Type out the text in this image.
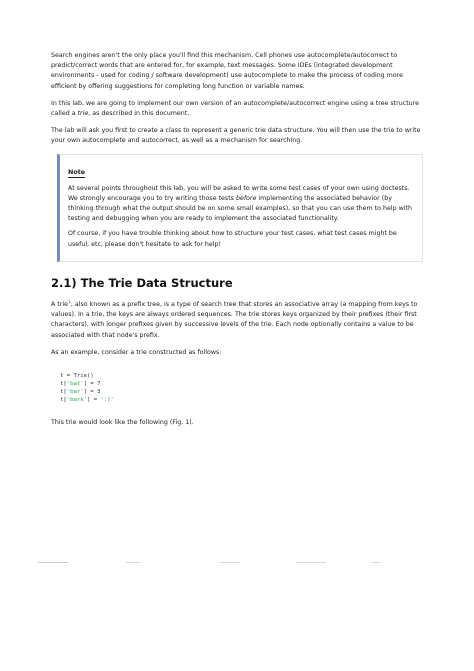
Search engines aren't the only place you'll find this mechanism. Cell phones use autocomplete/autocorrect to predict/correct words that are entered for, for example, text messages. Some IDEs (integrated development environments - used for coding / software development) use autocomplete to make the process of coding more efficient by offering suggestions for completing long function or variable names.

In this lab, we are going to implement our own version of an autocomplete/autocorrect engine using a tree structure called a trie, as described in this document.

The lab will ask you first to create a class to represent a generic trie data structure. You will then use the trie to write your own autocomplete and autocorrect, as well as a mechanism for searching.

Note

At several points throughout this lab, you will be asked to write some test cases of your own using doctests. We strongly encourage you to try writing those tests before implementing the associated behavior (by thinking through what the output should be on some small examples), so that you can use them to help with testing and debugging when you are ready to implement the associated functionality.

Of course, if you have trouble thinking about how to structure your test cases, what test cases might be useful, etc, please don't hesitate to ask for help!

2.1) The Trie Data Structure

A trie$^1$, also known as a prefix tree, is a type of search tree that stores an associative array (a mapping from keys to values). In a trie, the keys are always ordered sequences. The trie stores keys organized by their prefixes (their first characters), with longer prefixes given by successive levels of the trie. Each node optionally contains a value to be associated with that node's prefix.

As an example, consider a trie constructed as follows:

t = Trie()
t['bat'] = 7
t['bar'] = 3
t['bark'] = ':)'

This trie would look like the following (Fig. 1).
